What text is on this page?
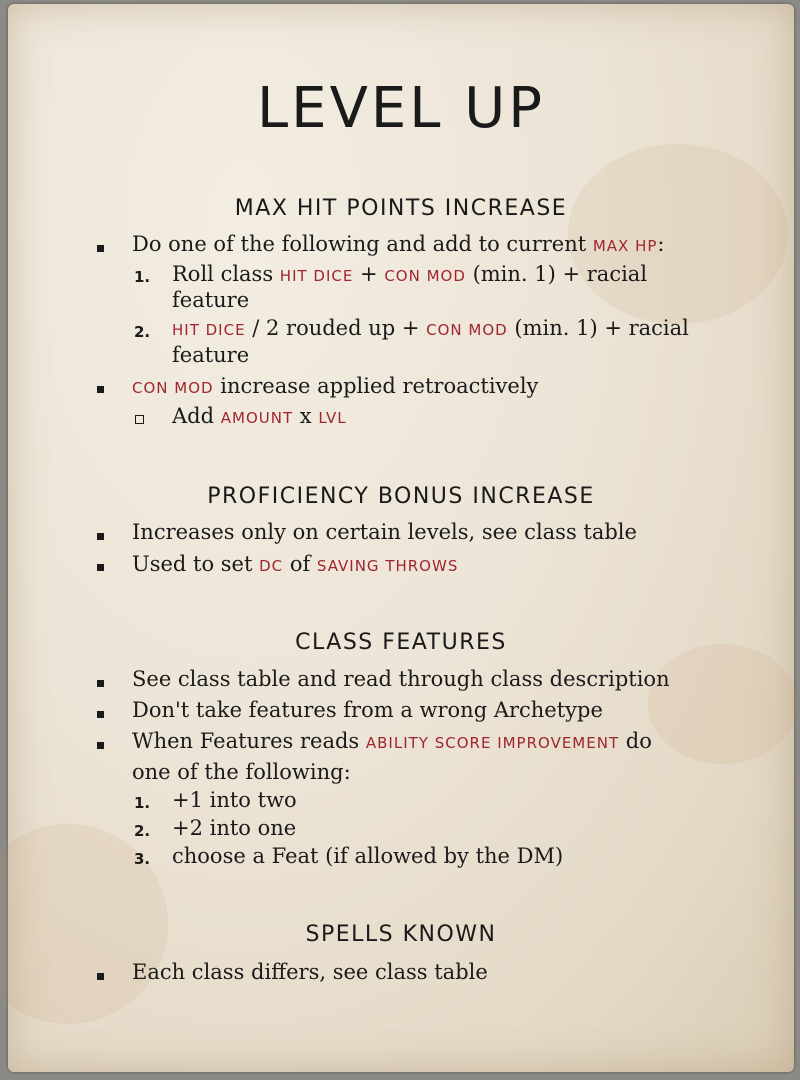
LEVEL UP
MAX HIT POINTS INCREASE
Do one of the following and add to current MAX HP:
1. Roll class HIT DICE + CON MOD (min. 1) + racial
feature
2. HIT DICE / 2 rouded up + CON MOD (min. 1) + racial
feature
CON MOD increase applied retroactively
Add AMOUNT x LVL
PROFICIENCY BONUS INCREASE
Increases only on certain levels, see class table
Used to set DC of SAVING THROWS
CLASS FEATURES
See class table and read through class description
Don't take features from a wrong Archetype
When Features reads ABILITY SCORE IMPROVEMENT do
one of the following:
1. +1 into two
2. +2 into one
3. choose a Feat (if allowed by the DM)
SPELLS KNOWN
Each class differs, see class table
